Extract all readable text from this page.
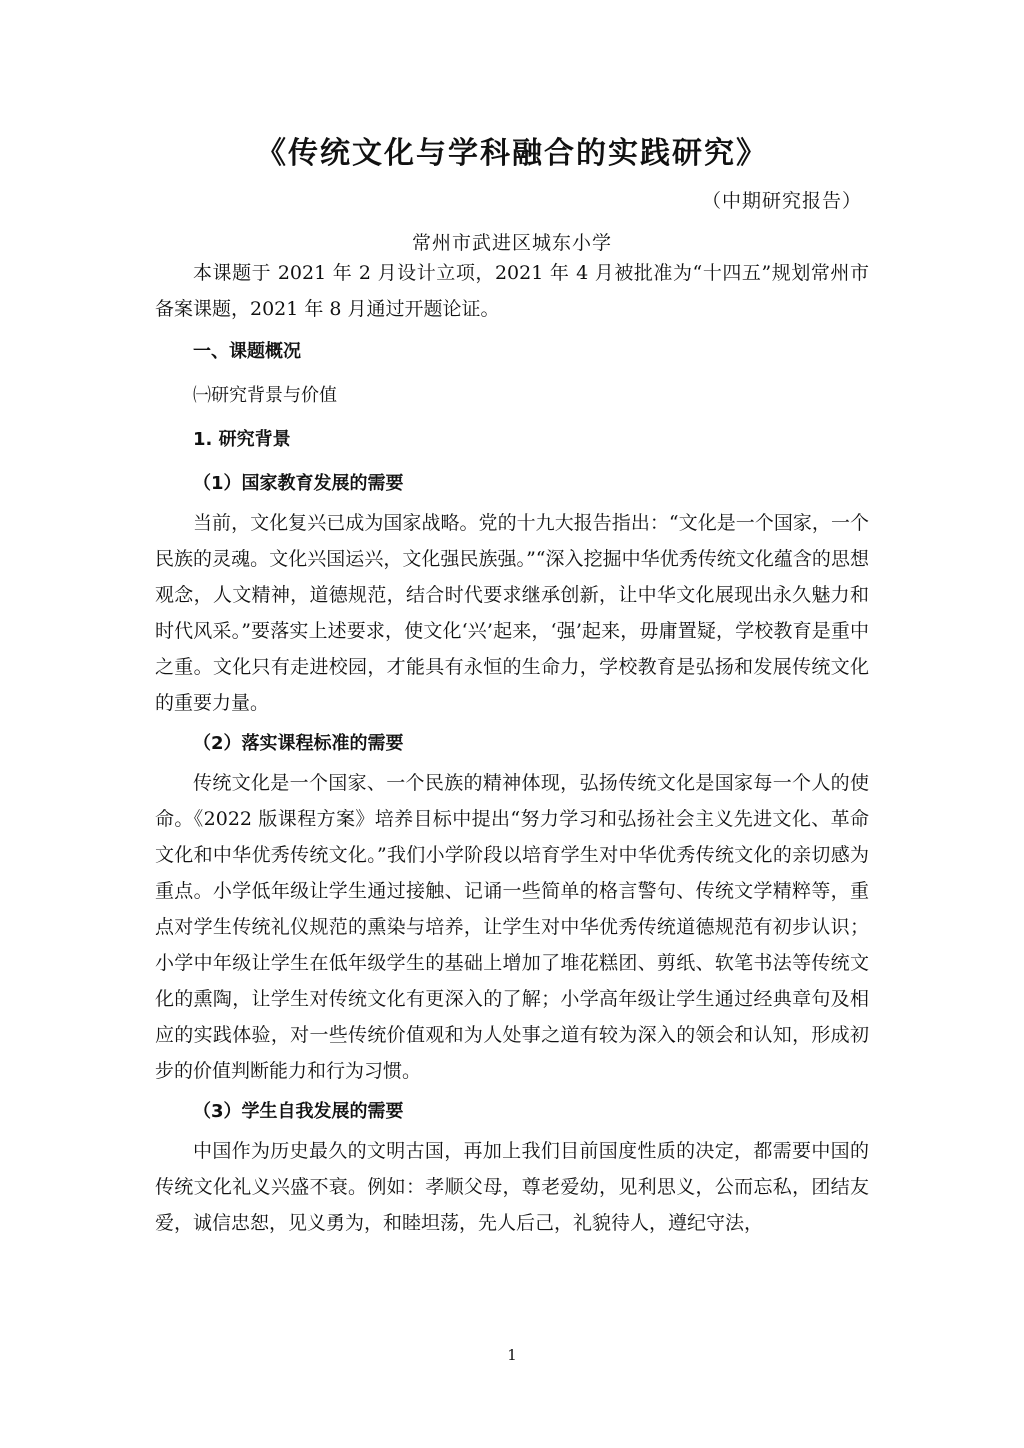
《传统文化与学科融合的实践研究》
（中期研究报告）
常州市武进区城东小学

本课题于 2021 年 2 月设计立项，2021 年 4 月被批准为“十四五”规划常州市备案课题，2021 年 8 月通过开题论证。

一、课题概况

㈠研究背景与价值

1. 研究背景

（1）国家教育发展的需要

当前，文化复兴已成为国家战略。党的十九大报告指出：“文化是一个国家，一个民族的灵魂。文化兴国运兴，文化强民族强。”“深入挖掘中华优秀传统文化蕴含的思想观念，人文精神，道德规范，结合时代要求继承创新，让中华文化展现出永久魅力和时代风采。”要落实上述要求，使文化‘兴’起来，‘强’起来，毋庸置疑，学校教育是重中之重。文化只有走进校园，才能具有永恒的生命力，学校教育是弘扬和发展传统文化的重要力量。

（2）落实课程标准的需要

传统文化是一个国家、一个民族的精神体现，弘扬传统文化是国家每一个人的使命。《2022 版课程方案》培养目标中提出“努力学习和弘扬社会主义先进文化、革命文化和中华优秀传统文化。”我们小学阶段以培育学生对中华优秀传统文化的亲切感为重点。小学低年级让学生通过接触、记诵一些简单的格言警句、传统文学精粹等，重点对学生传统礼仪规范的熏染与培养，让学生对中华优秀传统道德规范有初步认识；小学中年级让学生在低年级学生的基础上增加了堆花糕团、剪纸、软笔书法等传统文化的熏陶，让学生对传统文化有更深入的了解；小学高年级让学生通过经典章句及相应的实践体验，对一些传统价值观和为人处事之道有较为深入的领会和认知，形成初步的价值判断能力和行为习惯。

（3）学生自我发展的需要

中国作为历史最久的文明古国，再加上我们目前国度性质的决定，都需要中国的传统文化礼义兴盛不衰。例如：孝顺父母，尊老爱幼，见利思义，公而忘私，团结友爱，诚信忠恕，见义勇为，和睦坦荡，先人后己，礼貌待人，遵纪守法，

1
